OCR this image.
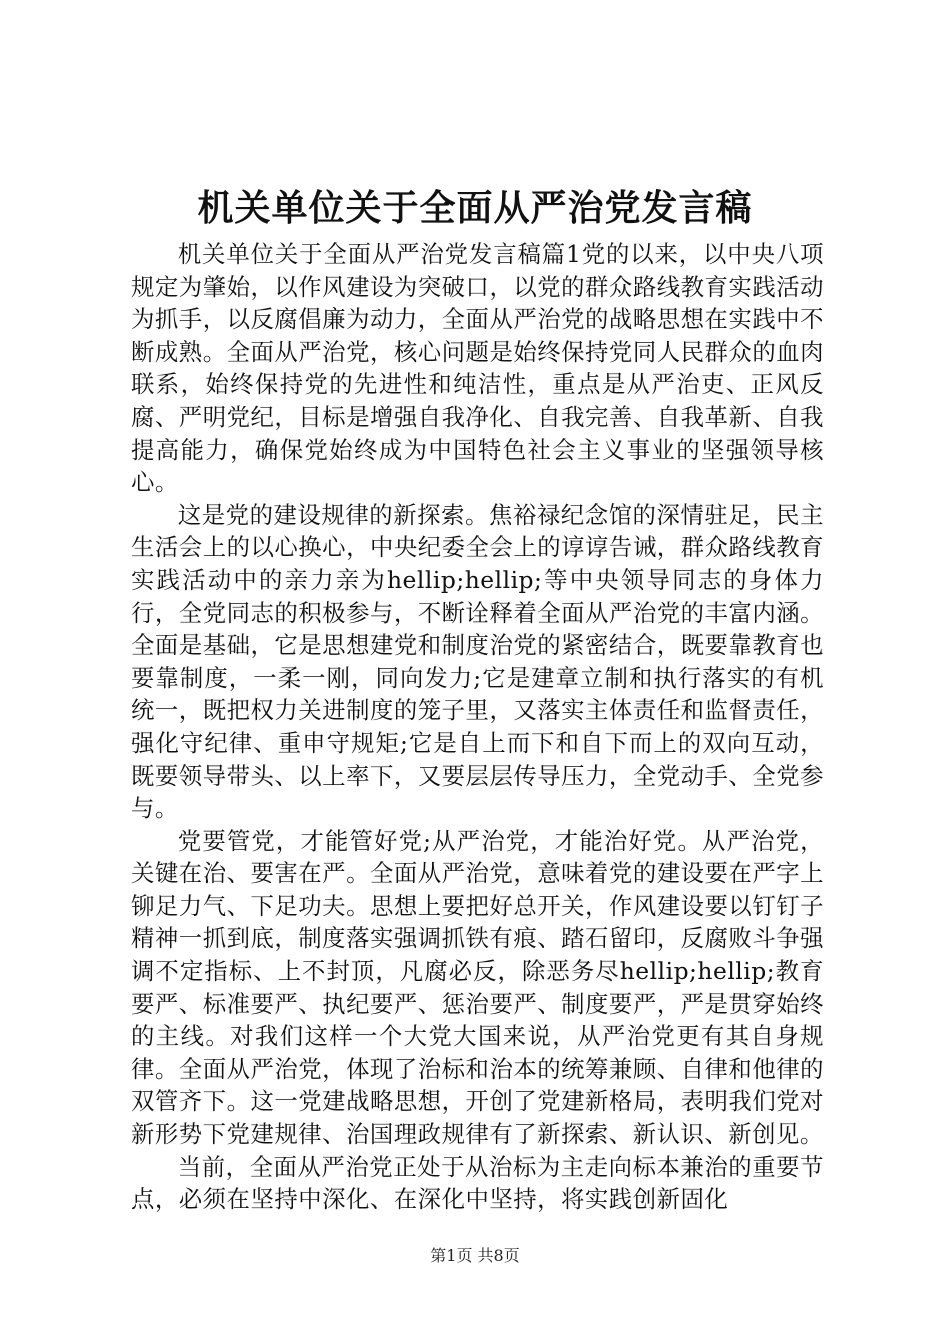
机关单位关于全面从严治党发言稿

机关单位关于全面从严治党发言稿篇1党的以来，以中央八项规定为肇始，以作风建设为突破口，以党的群众路线教育实践活动为抓手，以反腐倡廉为动力，全面从严治党的战略思想在实践中不断成熟。全面从严治党，核心问题是始终保持党同人民群众的血肉联系，始终保持党的先进性和纯洁性，重点是从严治吏、正风反腐、严明党纪，目标是增强自我净化、自我完善、自我革新、自我提高能力，确保党始终成为中国特色社会主义事业的坚强领导核心。

这是党的建设规律的新探索。焦裕禄纪念馆的深情驻足，民主生活会上的以心换心，中央纪委全会上的谆谆告诫，群众路线教育实践活动中的亲力亲为hellip;hellip;等中央领导同志的身体力行，全党同志的积极参与，不断诠释着全面从严治党的丰富内涵。全面是基础，它是思想建党和制度治党的紧密结合，既要靠教育也要靠制度，一柔一刚，同向发力;它是建章立制和执行落实的有机统一，既把权力关进制度的笼子里，又落实主体责任和监督责任，强化守纪律、重申守规矩;它是自上而下和自下而上的双向互动，既要领导带头、以上率下，又要层层传导压力，全党动手、全党参与。

党要管党，才能管好党;从严治党，才能治好党。从严治党，关键在治、要害在严。全面从严治党，意味着党的建设要在严字上铆足力气、下足功夫。思想上要把好总开关，作风建设要以钉钉子精神一抓到底，制度落实强调抓铁有痕、踏石留印，反腐败斗争强调不定指标、上不封顶，凡腐必反，除恶务尽hellip;hellip;教育要严、标准要严、执纪要严、惩治要严、制度要严，严是贯穿始终的主线。对我们这样一个大党大国来说，从严治党更有其自身规律。全面从严治党，体现了治标和治本的统筹兼顾、自律和他律的双管齐下。这一党建战略思想，开创了党建新格局，表明我们党对新形势下党建规律、治国理政规律有了新探索、新认识、新创见。

当前，全面从严治党正处于从治标为主走向标本兼治的重要节点，必须在坚持中深化、在深化中坚持，将实践创新固化

第1页 共8页
